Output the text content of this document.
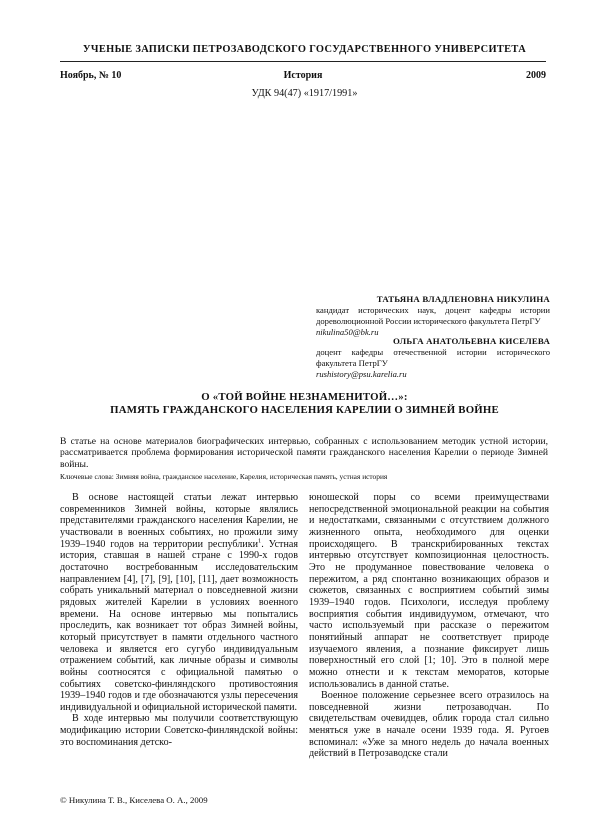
УЧЕНЫЕ ЗАПИСКИ ПЕТРОЗАВОДСКОГО ГОСУДАРСТВЕННОГО УНИВЕРСИТЕТА
Ноябрь, № 10	История	2009
УДК 94(47) «1917/1991»
ТАТЬЯНА ВЛАДЛЕНОВНА НИКУЛИНА
кандидат исторических наук, доцент кафедры истории дореволюционной России исторического факультета ПетрГУ
nikulina50@bk.ru
ОЛЬГА АНАТОЛЬЕВНА КИСЕЛЕВА
доцент кафедры отечественной истории исторического факультета ПетрГУ
rushistory@psu.karelia.ru
О «ТОЙ ВОЙНЕ НЕЗНАМЕНИТОЙ…»:
ПАМЯТЬ ГРАЖДАНСКОГО НАСЕЛЕНИЯ КАРЕЛИИ О ЗИМНЕЙ ВОЙНЕ
В статье на основе материалов биографических интервью, собранных с использованием методик устной истории, рассматривается проблема формирования исторической памяти гражданского населения Карелии о периоде Зимней войны.
Ключевые слова: Зимняя война, гражданское население, Карелия, историческая память, устная история

В основе настоящей статьи лежат интервью современников Зимней войны, которые являлись представителями гражданского населения Карелии, не участвовали в военных событиях, но прожили зиму 1939–1940 годов на территории республики$^1$. Устная история, ставшая в нашей стране с 1990-х годов достаточно востребованным исследовательским направлением [4], [7], [9], [10], [11], дает возможность собрать уникальный материал о повседневной жизни рядовых жителей Карелии в условиях военного времени. На основе интервью мы попытались проследить, как возникает тот образ Зимней войны, который присутствует в памяти отдельного частного человека и является его сугубо индивидуальным отражением событий, как личные образы и символы войны соотносятся с официальной памятью о событиях советско-финляндского противостояния 1939–1940 годов и где обозначаются узлы пересечения индивидуальной и официальной исторической памяти.

В ходе интервью мы получили соответствующую модификацию истории Советско-финляндской войны: это воспоминания детско-

юношеской поры со всеми преимуществами непосредственной эмоциональной реакции на события и недостатками, связанными с отсутствием должного жизненного опыта, необходимого для оценки происходящего. В транскрибированных текстах интервью отсутствует композиционная целостность. Это не продуманное повествование человека о пережитом, а ряд спонтанно возникающих образов и сюжетов, связанных с восприятием событий зимы 1939–1940 годов. Психологи, исследуя проблему восприятия события индивидуумом, отмечают, что часто используемый при рассказе о пережитом понятийный аппарат не соответствует природе изучаемого явления, а познание фиксирует лишь поверхностный его слой [1; 10]. Это в полной мере можно отнести и к текстам меморатов, которые использовались в данной статье.

Военное положение серьезнее всего отразилось на повседневной жизни петрозаводчан. По свидетельствам очевидцев, облик города стал сильно меняться уже в начале осени 1939 года. Я. Ругоев вспоминал: «Уже за много недель до начала военных действий в Петрозаводске стали

© Никулина Т. В., Киселева О. А., 2009
